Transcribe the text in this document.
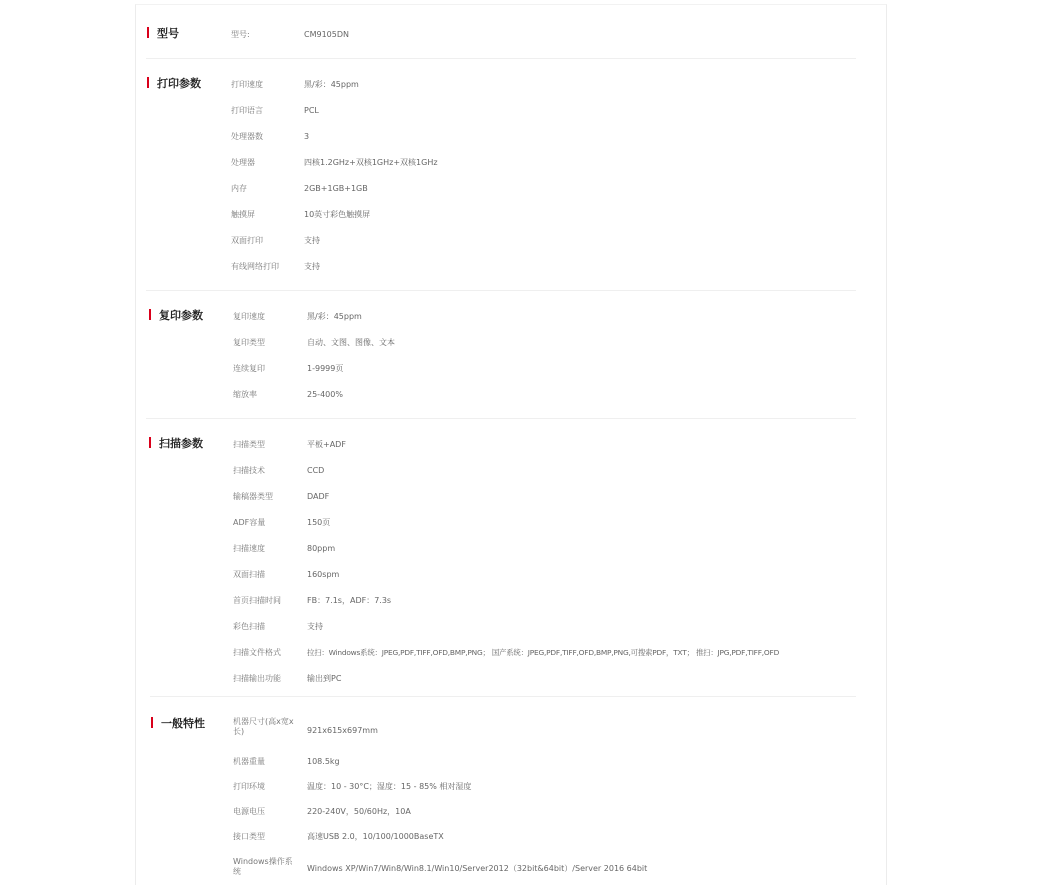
型号	型号:	CM9105DN
打印参数	打印速度	黑/彩：45ppm
打印语言	PCL
处理器数	3
处理器	四核1.2GHz+双核1GHz+双核1GHz
内存	2GB+1GB+1GB
触摸屏	10英寸彩色触摸屏
双面打印	支持
有线网络打印	支持
复印参数	复印速度	黑/彩：45ppm
复印类型	自动、文图、图像、文本
连续复印	1-9999页
缩放率	25-400%
扫描参数	扫描类型	平板+ADF
扫描技术	CCD
输稿器类型	DADF
ADF容量	150页
扫描速度	80ppm
双面扫描	160spm
首页扫描时间	FB：7.1s，ADF：7.3s
彩色扫描	支持
扫描文件格式	拉扫：Windows系统：JPEG,PDF,TIFF,OFD,BMP,PNG； 国产系统：JPEG,PDF,TIFF,OFD,BMP,PNG,可搜索PDF，TXT； 推扫：JPG,PDF,TIFF,OFD
扫描输出功能	输出到PC
一般特性	机器尺寸(高x宽x长)	921x615x697mm
机器重量	108.5kg
打印环境	温度：10 - 30°C；湿度：15 - 85% 相对湿度
电源电压	220-240V，50/60Hz，10A
接口类型	高速USB 2.0，10/100/1000BaseTX
Windows操作系统	Windows XP/Win7/Win8/Win8.1/Win10/Server2012（32bit&64bit）/Server 2016 64bit
